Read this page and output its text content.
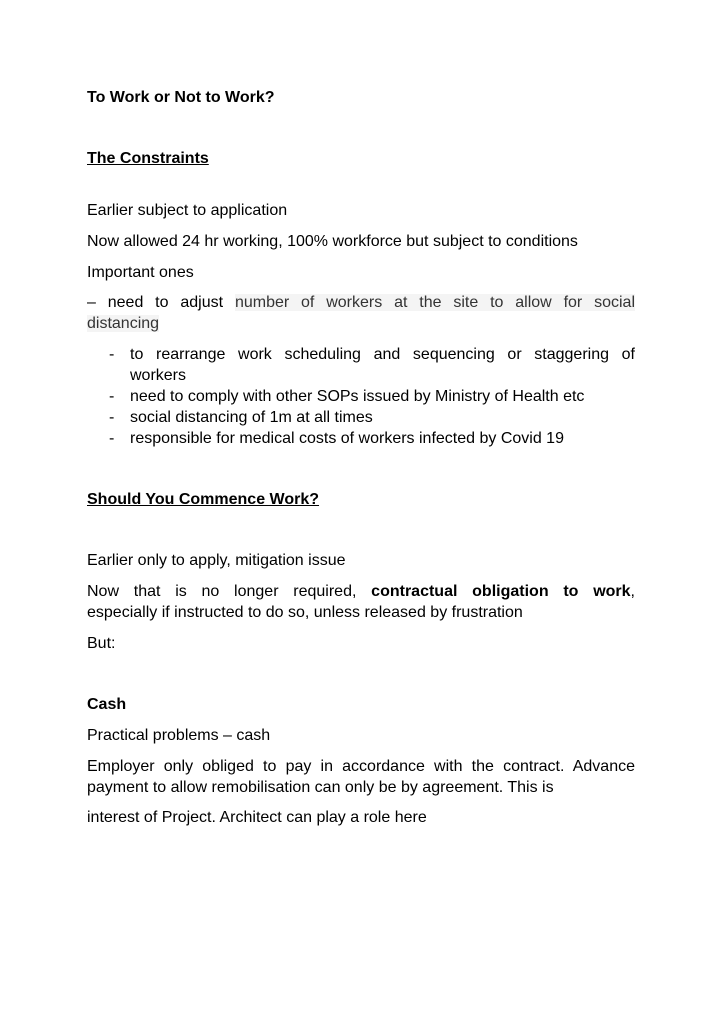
To Work or Not to Work?

The Constraints

Earlier subject to application

Now allowed 24 hr working, 100% workforce but subject to conditions

Important ones

– need to adjust number of workers at the site to allow for social
distancing
- to rearrange work scheduling and sequencing or staggering of
workers
- need to comply with other SOPs issued by Ministry of Health etc
- social distancing of 1m at all times
- responsible for medical costs of workers infected by Covid 19

Should You Commence Work?

Earlier only to apply, mitigation issue

Now that is no longer required, contractual obligation to work,
especially if instructed to do so, unless released by frustration

But:

Cash

Practical problems – cash

Employer only obliged to pay in accordance with the contract. Advance
payment to allow remobilisation can only be by agreement. This is

interest of Project. Architect can play a role here
